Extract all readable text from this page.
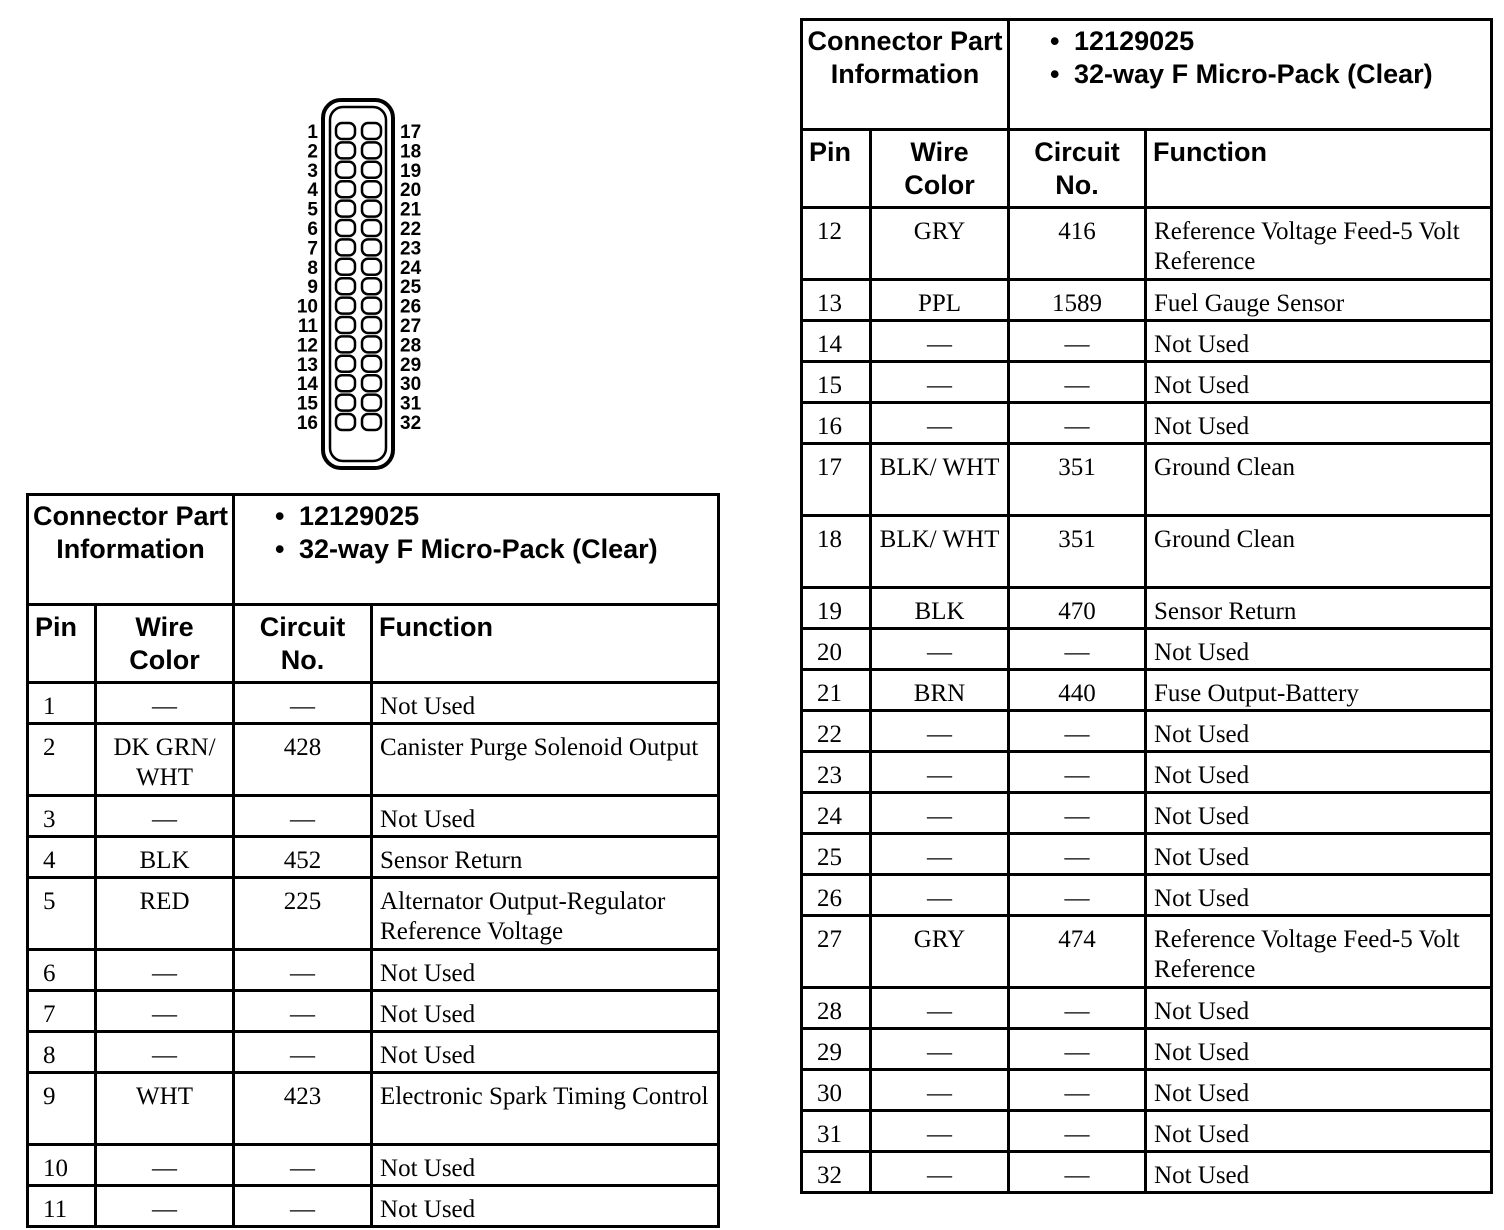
1
2
3
4
5
6
7
8
9
10
11
12
13
14
15
16
17
18
19
20
21
22
23
24
25
26
27
28
29
30
31
32
Connector Part Information		• 12129025
• 32-way F Micro-Pack (Clear)	

Pin	Wire Color	Circuit No.	Function
1	—	—	Not Used
2	DK GRN/ WHT	428	Canister Purge Solenoid Output
3	—	—	Not Used
4	BLK	452	Sensor Return
5	RED	225	Alternator Output-Regulator Reference Voltage
6	—	—	Not Used
7	—	—	Not Used
8	—	—	Not Used
9	WHT	423	Electronic Spark Timing Control
10	—	—	Not Used
11	—	—	Not Used
Connector Part Information		• 12129025
• 32-way F Micro-Pack (Clear)	

Pin	Wire Color	Circuit No.	Function
12	GRY	416	Reference Voltage Feed-5 Volt Reference
13	PPL	1589	Fuel Gauge Sensor
14	—	—	Not Used
15	—	—	Not Used
16	—	—	Not Used
17	BLK/ WHT	351	Ground Clean
18	BLK/ WHT	351	Ground Clean
19	BLK	470	Sensor Return
20	—	—	Not Used
21	BRN	440	Fuse Output-Battery
22	—	—	Not Used
23	—	—	Not Used
24	—	—	Not Used
25	—	—	Not Used
26	—	—	Not Used
27	GRY	474	Reference Voltage Feed-5 Volt Reference
28	—	—	Not Used
29	—	—	Not Used
30	—	—	Not Used
31	—	—	Not Used
32	—	—	Not Used
